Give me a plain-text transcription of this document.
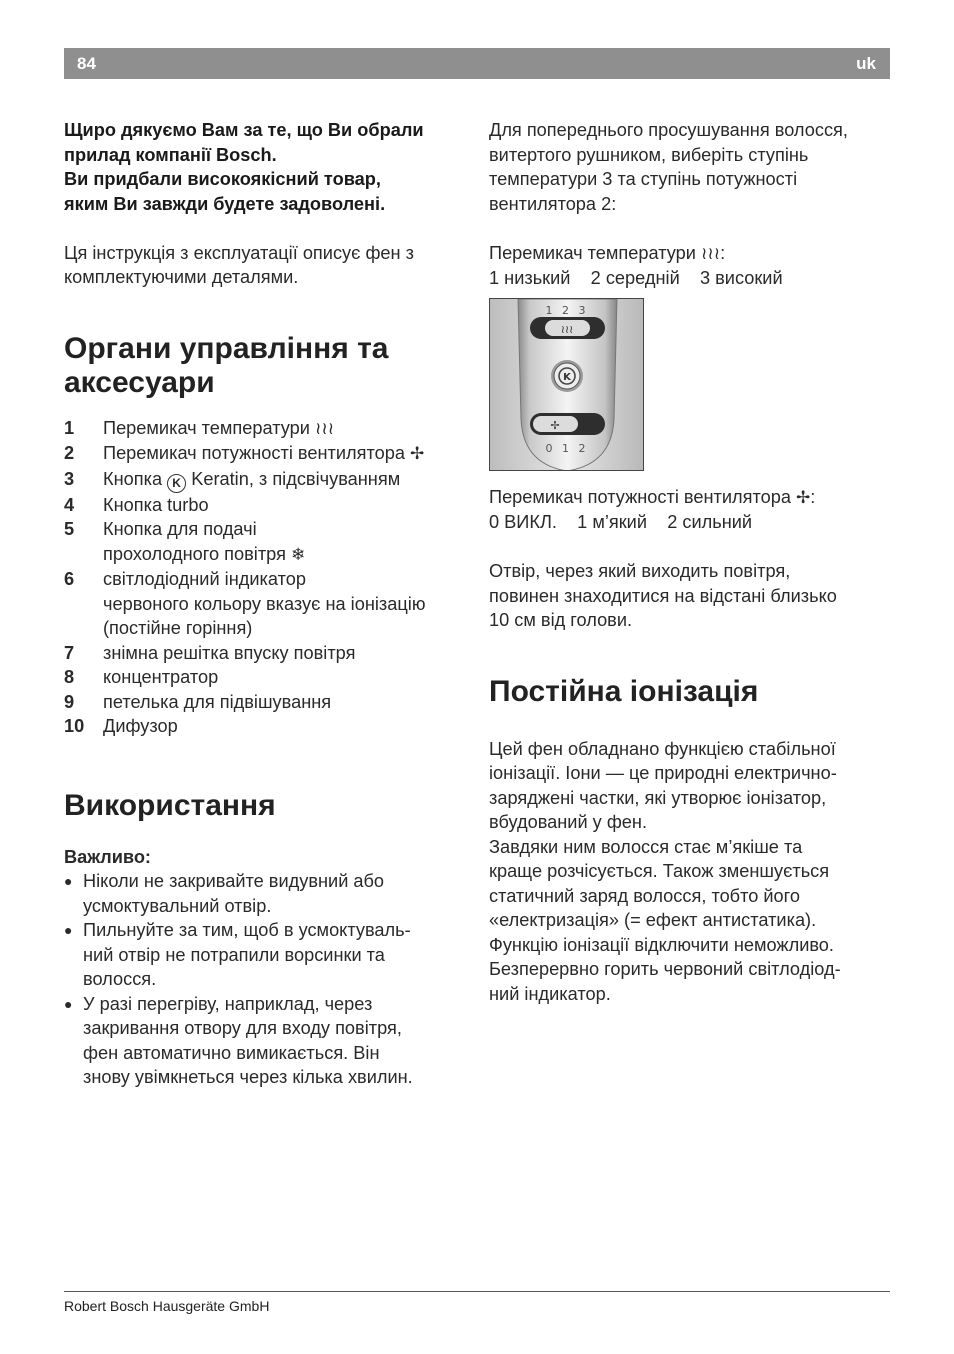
84	uk

Щиро дякуємо Вам за те, що Ви обрали

прилад компанії Bosch.

Ви придбали високоякісний товар,

яким Ви завжди будете задоволені.

Ця інструкція з експлуатації описує фен з

комплектуючими деталями.

Органи управління та
аксесуари
1	Перемикач температури ≀≀≀
2	Перемикач потужності вентилятора ✢
3	Кнопка K Keratin, з підсвічуванням
4	Кнопка turbo
5	Кнопка для подачі
прохолодного повітря ❄
6	світлодіодний індикатор
червоного кольору вказує на іонізацію
(постійне горіння)
7	знімна решітка впуску повітря
8	концентратор
9	петелька для підвішування
10	Дифузор
Використання

Важливо:

● Ніколи не закривайте видувний або
усмоктувальний отвір.
● Пильнуйте за тим, щоб в усмоктуваль-
ний отвір не потрапили ворсинки та
волосся.
● У разі перегріву, наприклад, через
закривання отвору для входу повітря,
фен автоматично вимикається. Він
знову увімкнеться через кілька хвилин.

Для попереднього просушування волосся,

витертого рушником, виберіть ступінь

температури 3 та ступінь потужності

вентилятора 2:

Перемикач температури ≀≀≀:

1 низький    2 середній    3 високий

≀≀≀
1 2 3
K
✢
0 1 2

Перемикач потужності вентилятора ✢:

0 ВИКЛ.    1 м’який    2 сильний

Отвір, через який виходить повітря,

повинен знаходитися на відстані близько

10 см від голови.

Постійна іонізація

Цей фен обладнано функцією стабільної

іонізації. Іони — це природні електрично-

заряджені частки, які утворює іонізатор,

вбудований у фен.

Завдяки ним волосся стає м’якіше та

краще розчісується. Також зменшується

статичний заряд волосся, тобто його

«електризація» (= ефект антистатика).

Функцію іонізації відключити неможливо.

Безперервно горить червоний світлодіод-

ний індикатор.

Robert Bosch Hausgeräte GmbH
